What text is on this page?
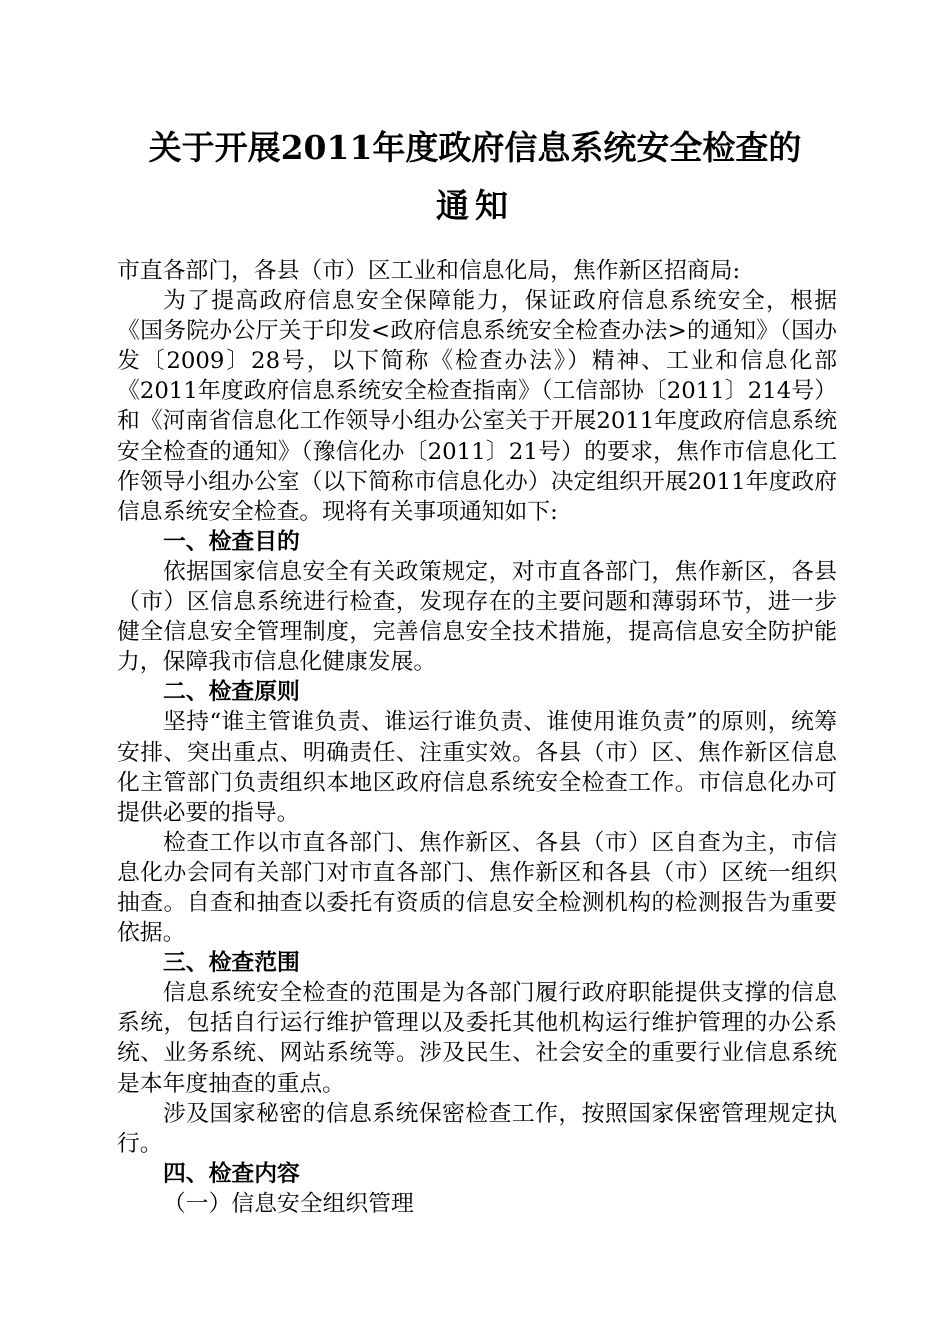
关于开展2011年度政府信息系统安全检查的
通知

市直各部门，各县（市）区工业和信息化局，焦作新区招商局:

为了提高政府信息安全保障能力，保证政府信息系统安全，根据《国务院办公厅关于印发<政府信息系统安全检查办法>的通知》（国办发〔2009〕28号，以下简称《检查办法》）精神、工业和信息化部《2011年度政府信息系统安全检查指南》（工信部协〔2011〕214号）和《河南省信息化工作领导小组办公室关于开展2011年度政府信息系统安全检查的通知》（豫信化办〔2011〕21号）的要求，焦作市信息化工作领导小组办公室（以下简称市信息化办）决定组织开展2011年度政府信息系统安全检查。现将有关事项通知如下:

一、检查目的

依据国家信息安全有关政策规定，对市直各部门，焦作新区，各县（市）区信息系统进行检查，发现存在的主要问题和薄弱环节，进一步健全信息安全管理制度，完善信息安全技术措施，提高信息安全防护能力，保障我市信息化健康发展。

二、检查原则

坚持“谁主管谁负责、谁运行谁负责、谁使用谁负责”的原则，统筹安排、突出重点、明确责任、注重实效。各县（市）区、焦作新区信息化主管部门负责组织本地区政府信息系统安全检查工作。市信息化办可提供必要的指导。

检查工作以市直各部门、焦作新区、各县（市）区自查为主，市信息化办会同有关部门对市直各部门、焦作新区和各县（市）区统一组织抽查。自查和抽查以委托有资质的信息安全检测机构的检测报告为重要依据。

三、检查范围

信息系统安全检查的范围是为各部门履行政府职能提供支撑的信息系统，包括自行运行维护管理以及委托其他机构运行维护管理的办公系统、业务系统、网站系统等。涉及民生、社会安全的重要行业信息系统是本年度抽查的重点。

涉及国家秘密的信息系统保密检查工作，按照国家保密管理规定执行。

四、检查内容

（一）信息安全组织管理
